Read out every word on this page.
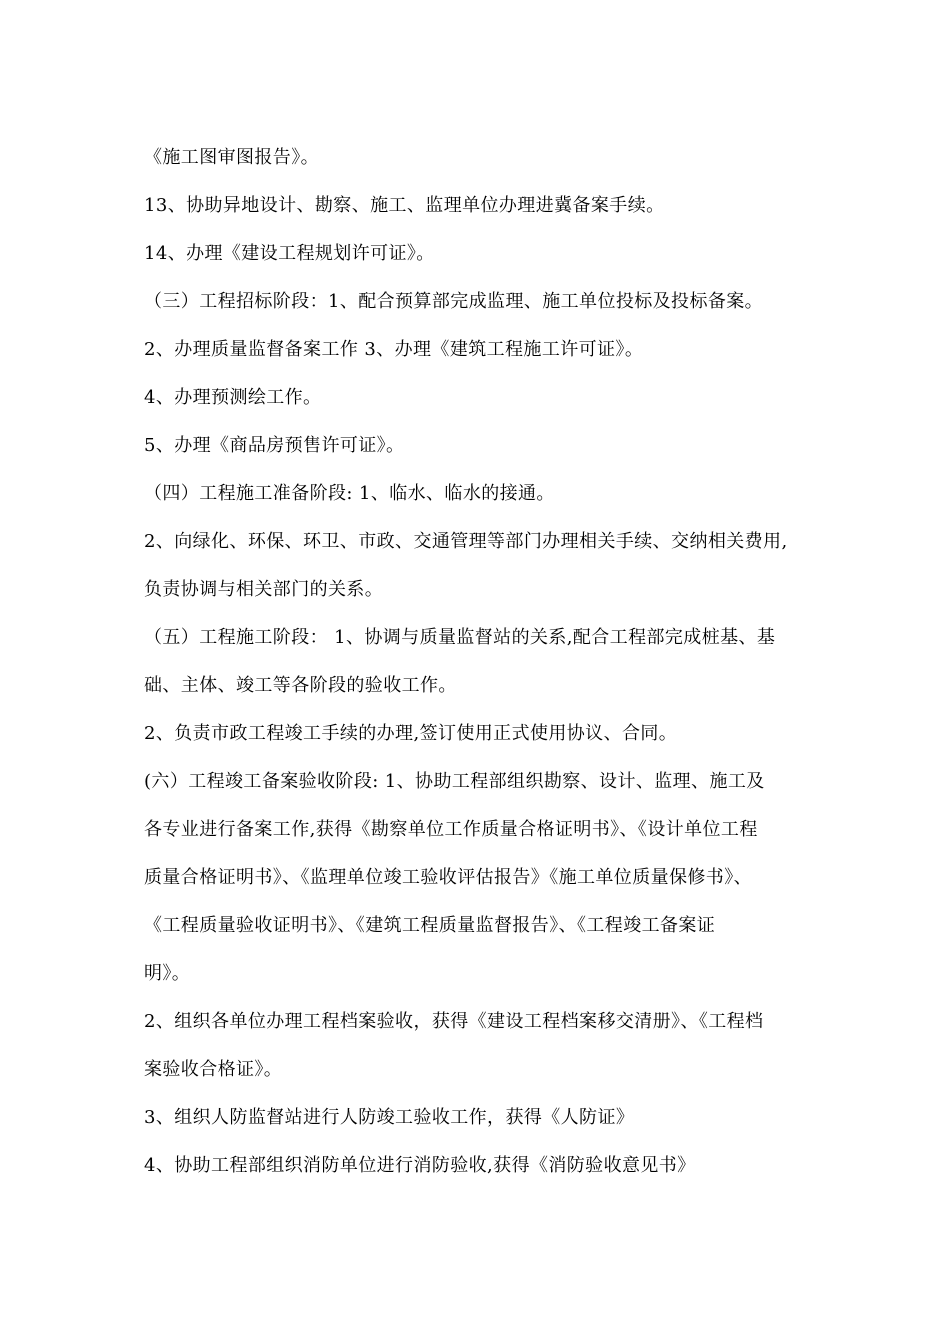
《施工图审图报告》。
13、协助异地设计、勘察、施工、监理单位办理进冀备案手续。
14、办理《建设工程规划许可证》。
（三）工程招标阶段：1、配合预算部完成监理、施工单位投标及投标备案。
2、办理质量监督备案工作 3、办理《建筑工程施工许可证》。
4、办理预测绘工作。
5、办理《商品房预售许可证》。
（四）工程施工准备阶段: 1、临水、临水的接通。
2、向绿化、环保、环卫、市政、交通管理等部门办理相关手续、交纳相关费用,
负责协调与相关部门的关系。
（五）工程施工阶段： 1、协调与质量监督站的关系,配合工程部完成桩基、基
础、主体、竣工等各阶段的验收工作。
2、负责市政工程竣工手续的办理,签订使用正式使用协议、合同。
(六）工程竣工备案验收阶段: 1、协助工程部组织勘察、设计、监理、施工及
各专业进行备案工作,获得《勘察单位工作质量合格证明书》、《设计单位工程
质量合格证明书》、《监理单位竣工验收评估报告》《施工单位质量保修书》、
《工程质量验收证明书》、《建筑工程质量监督报告》、《工程竣工备案证
明》。
2、组织各单位办理工程档案验收，获得《建设工程档案移交清册》、《工程档
案验收合格证》。
3、组织人防监督站进行人防竣工验收工作，获得《人防证》
4、协助工程部组织消防单位进行消防验收,获得《消防验收意见书》
